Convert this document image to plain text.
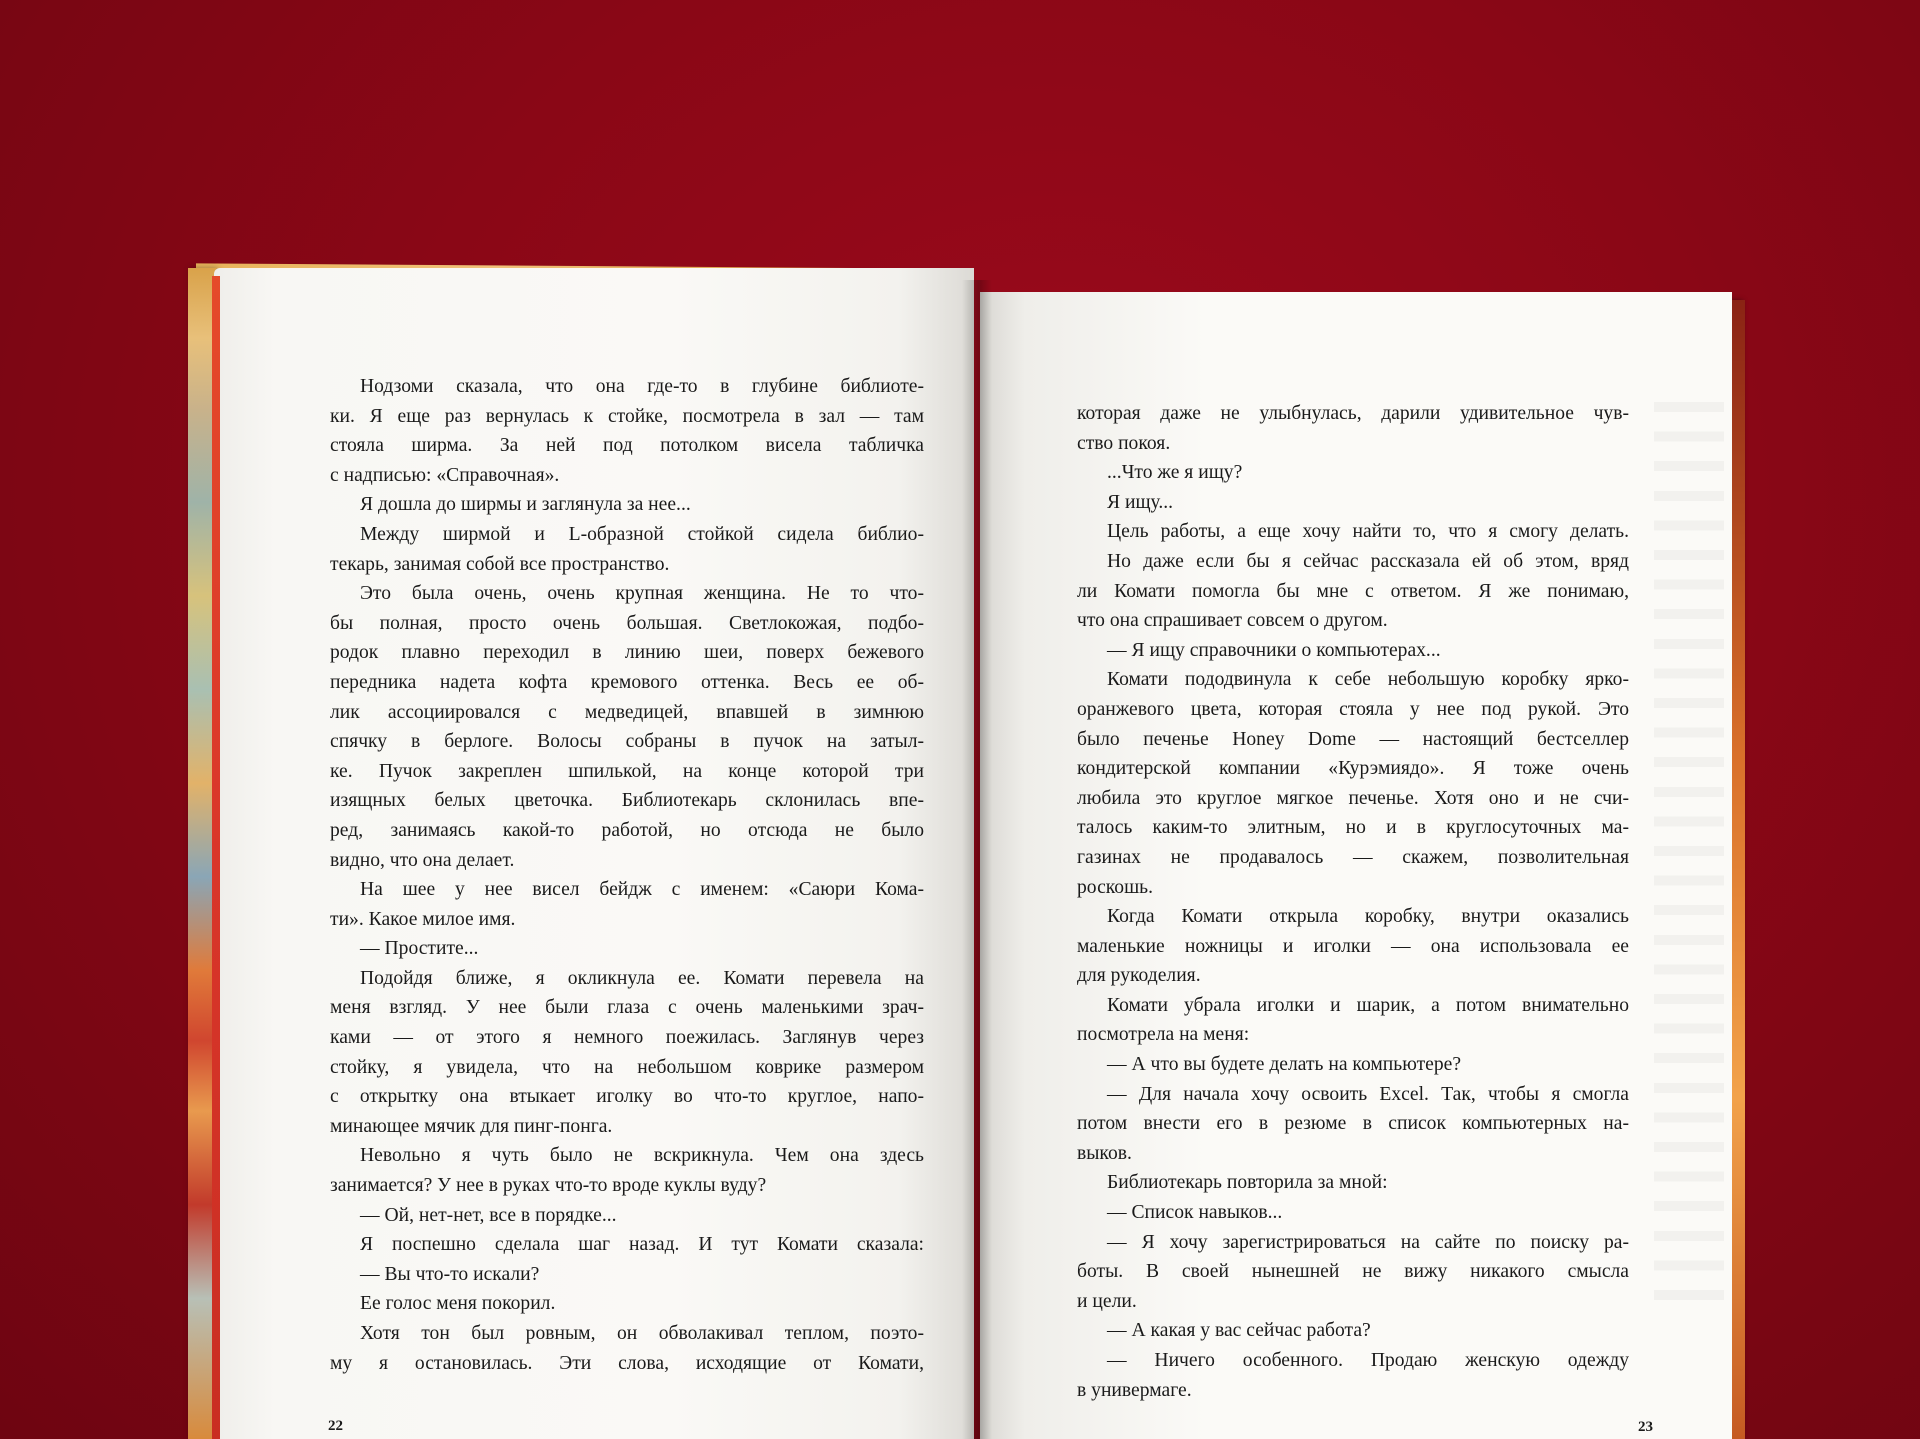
Нодзоми сказала, что она где-то в глубине библиоте-
ки. Я еще раз вернулась к стойке, посмотрела в зал — там
стояла ширма. За ней под потолком висела табличка
с надписью: «Справочная».
Я дошла до ширмы и заглянула за нее...
Между ширмой и L-образной стойкой сидела библио-
текарь, занимая собой все пространство.
Это была очень, очень крупная женщина. Не то что-
бы полная, просто очень большая. Светлокожая, подбо-
родок плавно переходил в линию шеи, поверх бежевого
передника надета кофта кремового оттенка. Весь ее об-
лик ассоциировался с медведицей, впавшей в зимнюю
спячку в берлоге. Волосы собраны в пучок на затыл-
ке. Пучок закреплен шпилькой, на конце которой три
изящных белых цветочка. Библиотекарь склонилась впе-
ред, занимаясь какой-то работой, но отсюда не было
видно, что она делает.
На шее у нее висел бейдж с именем: «Саюри Кома-
ти». Какое милое имя.
— Простите...
Подойдя ближе, я окликнула ее. Комати перевела на
меня взгляд. У нее были глаза с очень маленькими зрач-
ками — от этого я немного поежилась. Заглянув через
стойку, я увидела, что на небольшом коврике размером
с открытку она втыкает иголку во что-то круглое, напо-
минающее мячик для пинг-понга.
Невольно я чуть было не вскрикнула. Чем она здесь
занимается? У нее в руках что-то вроде куклы вуду?
— Ой, нет-нет, все в порядке...
Я поспешно сделала шаг назад. И тут Комати сказала:
— Вы что-то искали?
Ее голос меня покорил.
Хотя тон был ровным, он обволакивал теплом, поэто-
му я остановилась. Эти слова, исходящие от Комати,
22
которая даже не улыбнулась, дарили удивительное чув-
ство покоя.
...Что же я ищу?
Я ищу...
Цель работы, а еще хочу найти то, что я смогу делать.
Но даже если бы я сейчас рассказала ей об этом, вряд
ли Комати помогла бы мне с ответом. Я же понимаю,
что она спрашивает совсем о другом.
— Я ищу справочники о компьютерах...
Комати пододвинула к себе небольшую коробку ярко-
оранжевого цвета, которая стояла у нее под рукой. Это
было печенье Honey Dome — настоящий бестселлер
кондитерской компании «Курэмиядо». Я тоже очень
любила это круглое мягкое печенье. Хотя оно и не счи-
талось каким-то элитным, но и в круглосуточных ма-
газинах не продавалось — скажем, позволительная
роскошь.
Когда Комати открыла коробку, внутри оказались
маленькие ножницы и иголки — она использовала ее
для рукоделия.
Комати убрала иголки и шарик, а потом внимательно
посмотрела на меня:
— А что вы будете делать на компьютере?
— Для начала хочу освоить Excel. Так, чтобы я смогла
потом внести его в резюме в список компьютерных на-
выков.
Библиотекарь повторила за мной:
— Список навыков...
— Я хочу зарегистрироваться на сайте по поиску ра-
боты. В своей нынешней не вижу никакого смысла
и цели.
— А какая у вас сейчас работа?
— Ничего особенного. Продаю женскую одежду
в универмаге.
23
